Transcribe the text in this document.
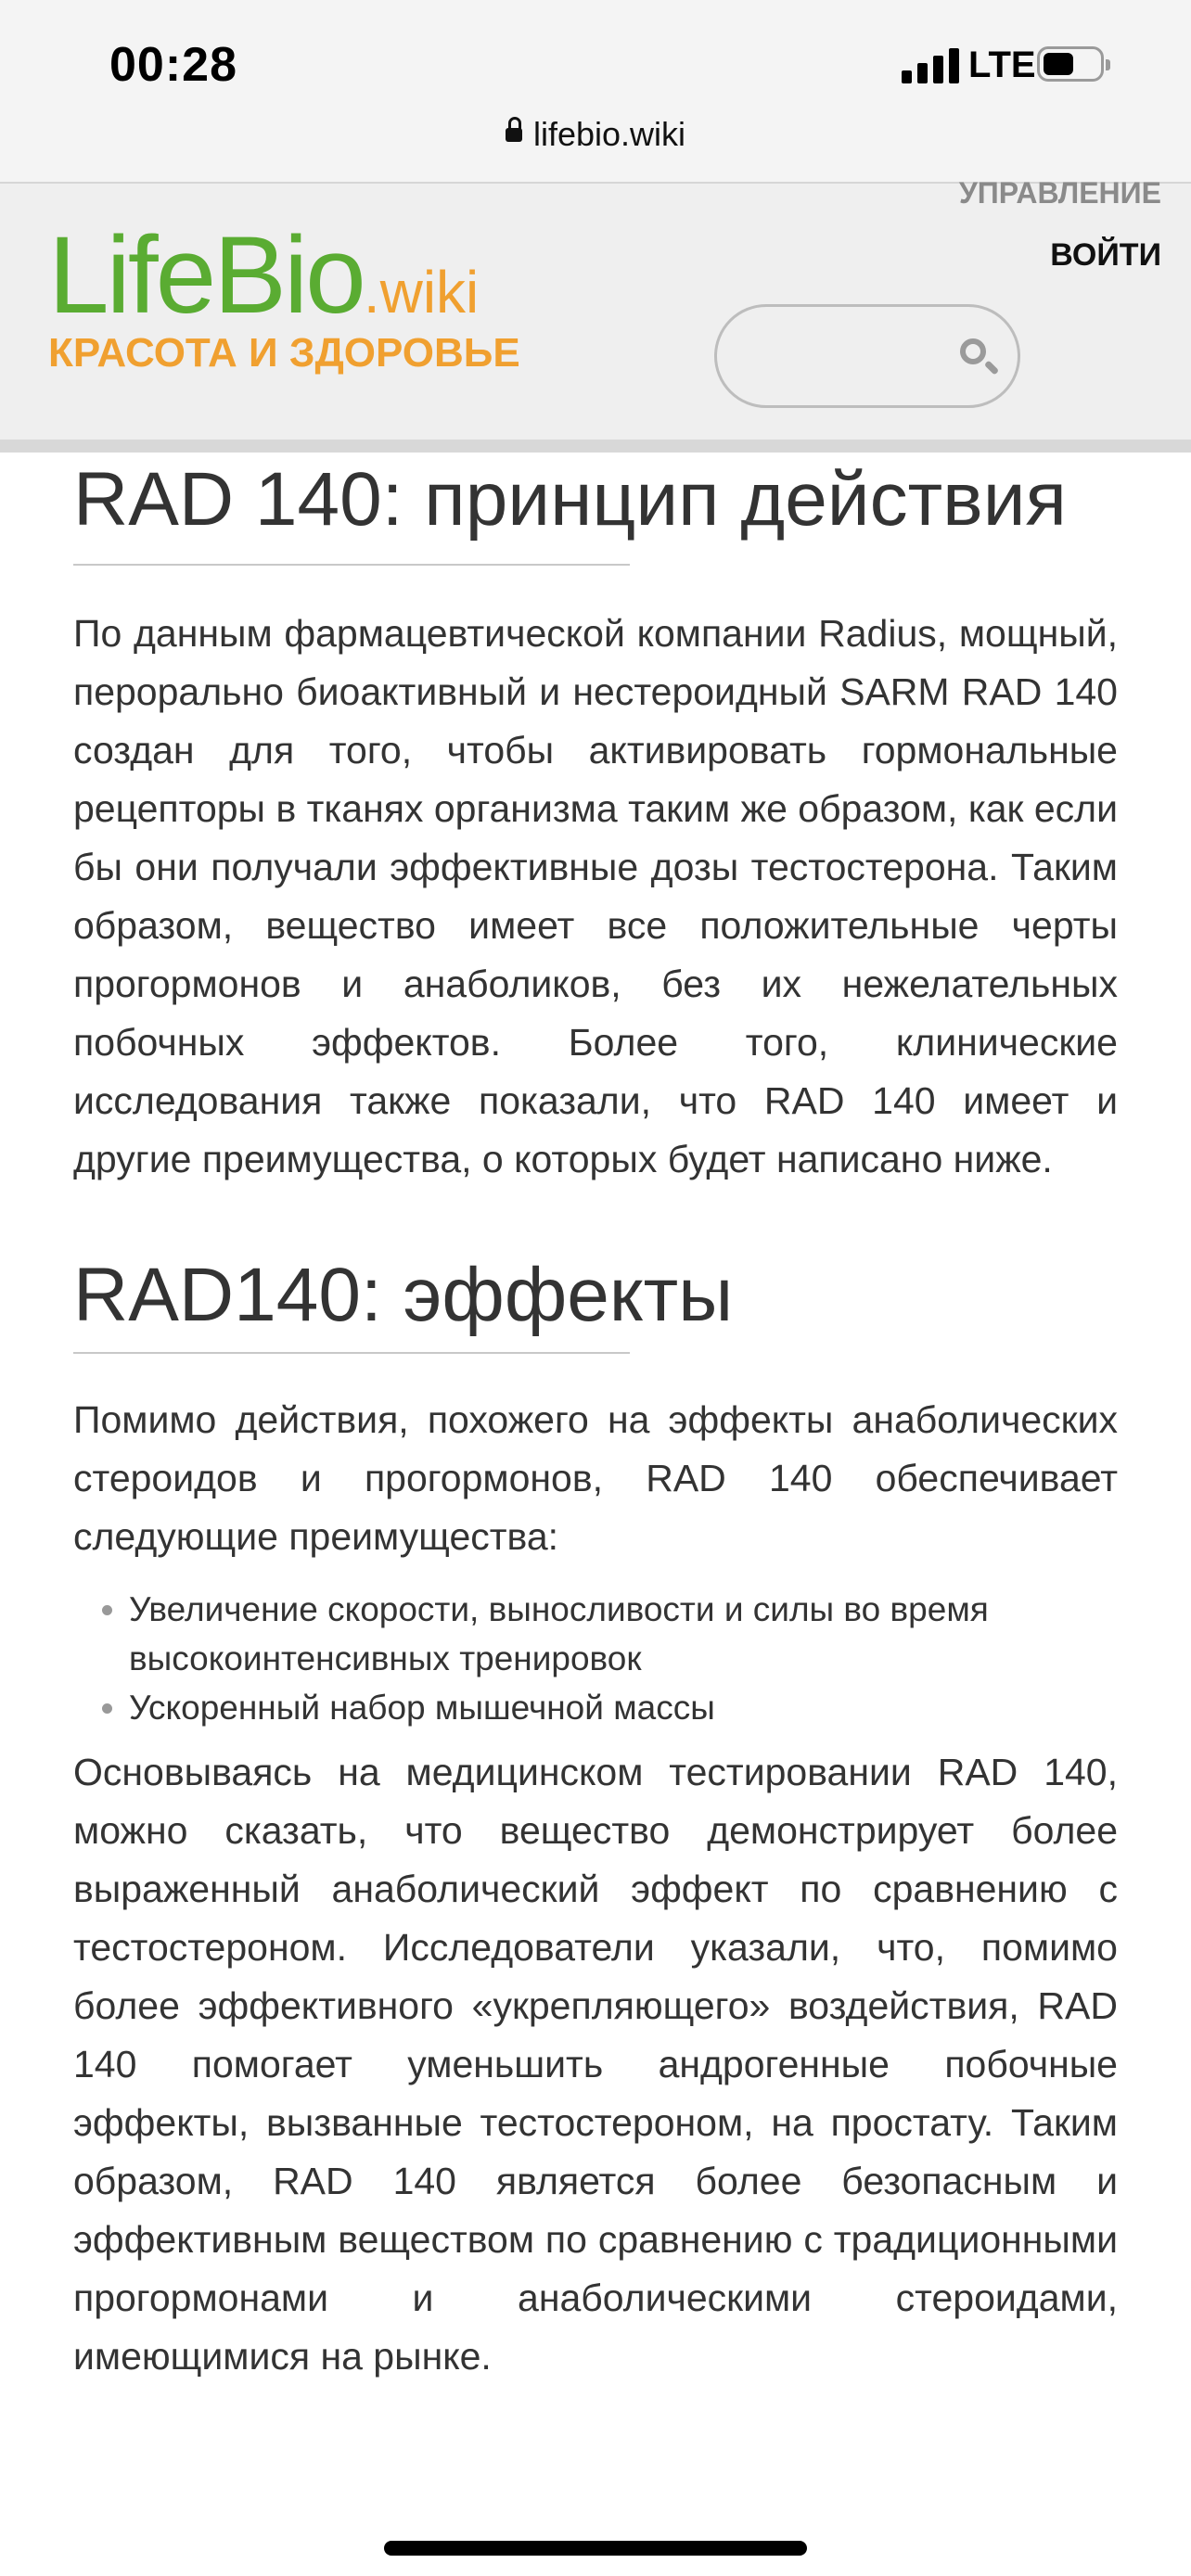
00:28	LTE
lifebio.wiki
LifeBio.wiki
КРАСОТА И ЗДОРОВЬЕ
УПРАВЛЕНИЕ
ВОЙТИ
RAD 140: принцип действия

По данным фармацевтической компании Radius, мощный, перорально биоактивный и нестероидный SARM RAD 140 создан для того, чтобы активировать гормональные рецепторы в тканях организма таким же образом, как если бы они получали эффективные дозы тестостерона. Таким образом, вещество имеет все положительные черты прогормонов и анаболиков, без их нежелательных побочных эффектов. Более того, клинические исследования также показали, что RAD 140 имеет и другие преимущества, о которых будет написано ниже.

RAD140: эффекты

Помимо действия, похожего на эффекты анаболических стероидов и прогормонов, RAD 140 обеспечивает следующие преимущества:

• Увеличение скорости, выносливости и силы во время высокоинтенсивных тренировок
• Ускоренный набор мышечной массы

Основываясь на медицинском тестировании RAD 140, можно сказать, что вещество демонстрирует более выраженный анаболический эффект по сравнению с тестостероном. Исследователи указали, что, помимо более эффективного «укрепляющего» воздействия, RAD 140 помогает уменьшить андрогенные побочные эффекты, вызванные тестостероном, на простату. Таким образом, RAD 140 является более безопасным и эффективным веществом по сравнению с традиционными прогормонами и анаболическими стероидами, имеющимися на рынке.
